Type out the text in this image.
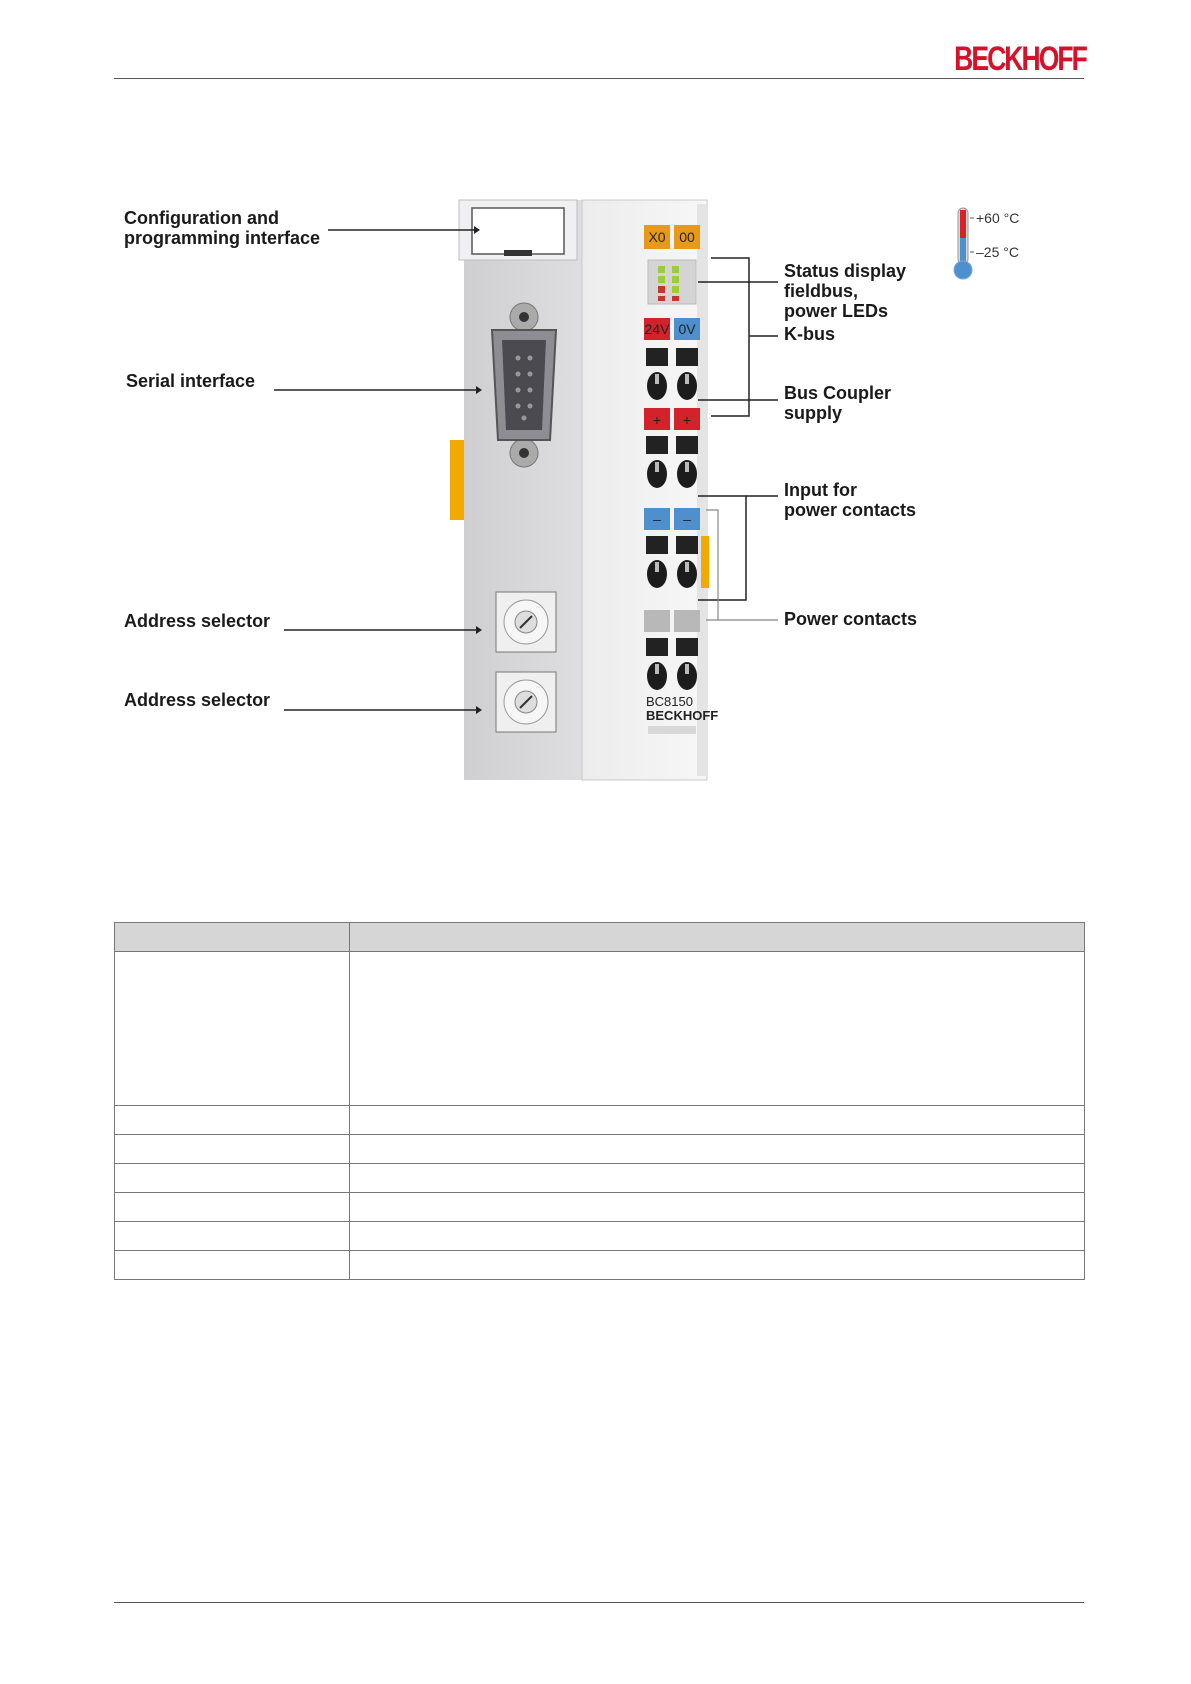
BECKHOFF
X0 00
24V 0V
+ +
– –
BC8150
BECKHOFF
Configuration and
programming interface
Serial interface
Address selector
Address selector
Status display
fieldbus,
power LEDs
K-bus
Bus Coupler
supply
Input for
power contacts
Power contacts
+60 °C
–25 °C
